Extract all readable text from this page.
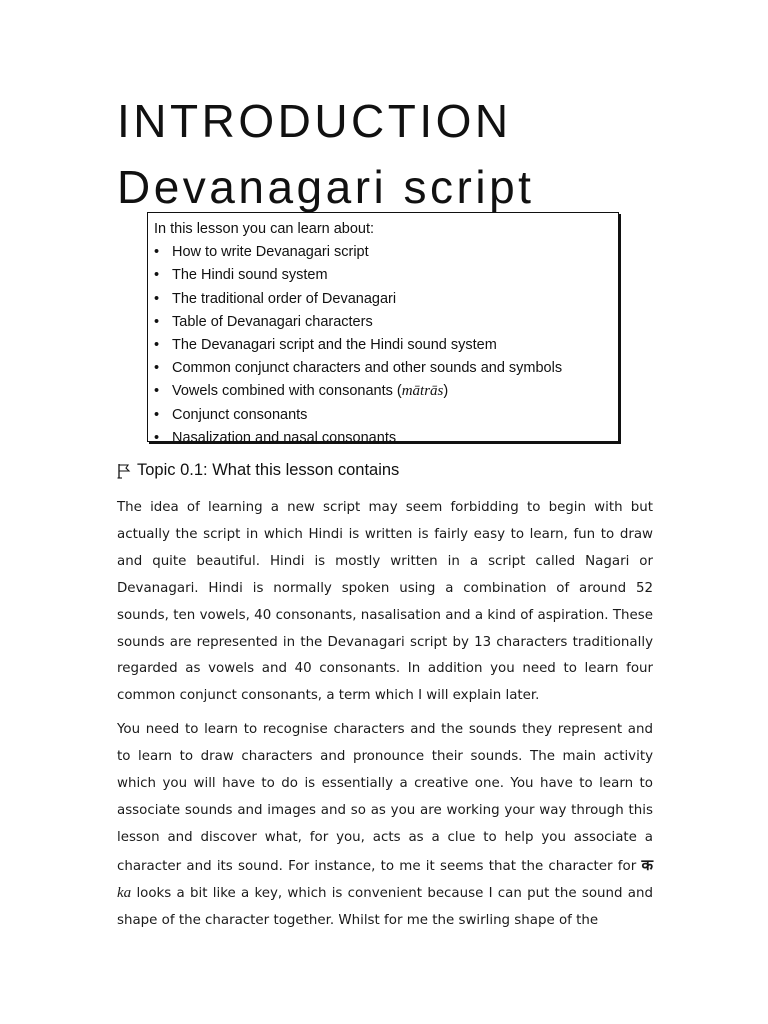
INTRODUCTION
Devanagari script

In this lesson you can learn about:

• How to write Devanagari script
• The Hindi sound system
• The traditional order of Devanagari
• Table of Devanagari characters
• The Devanagari script and the Hindi sound system
• Common conjunct characters and other sounds and symbols
• Vowels combined with consonants (mātrās)
• Conjunct consonants
• Nasalization and nasal consonants
Topic 0.1: What this lesson contains

The idea of learning a new script may seem forbidding to begin with but actually the script in which Hindi is written is fairly easy to learn, fun to draw and quite beautiful. Hindi is mostly written in a script called Nagari or Devanagari. Hindi is normally spoken using a combination of around 52 sounds, ten vowels, 40 consonants, nasalisation and a kind of aspiration. These sounds are represented in the Devanagari script by 13 characters traditionally regarded as vowels and 40 consonants. In addition you need to learn four common conjunct consonants, a term which I will explain later.

You need to learn to recognise characters and the sounds they represent and to learn to draw characters and pronounce their sounds. The main activity which you will have to do is essentially a creative one. You have to learn to associate sounds and images and so as you are working your way through this lesson and discover what, for you, acts as a clue to help you associate a character and its sound. For instance, to me it seems that the character for क ka looks a bit like a key, which is convenient because I can put the sound and shape of the character together. Whilst for me the swirling shape of the
